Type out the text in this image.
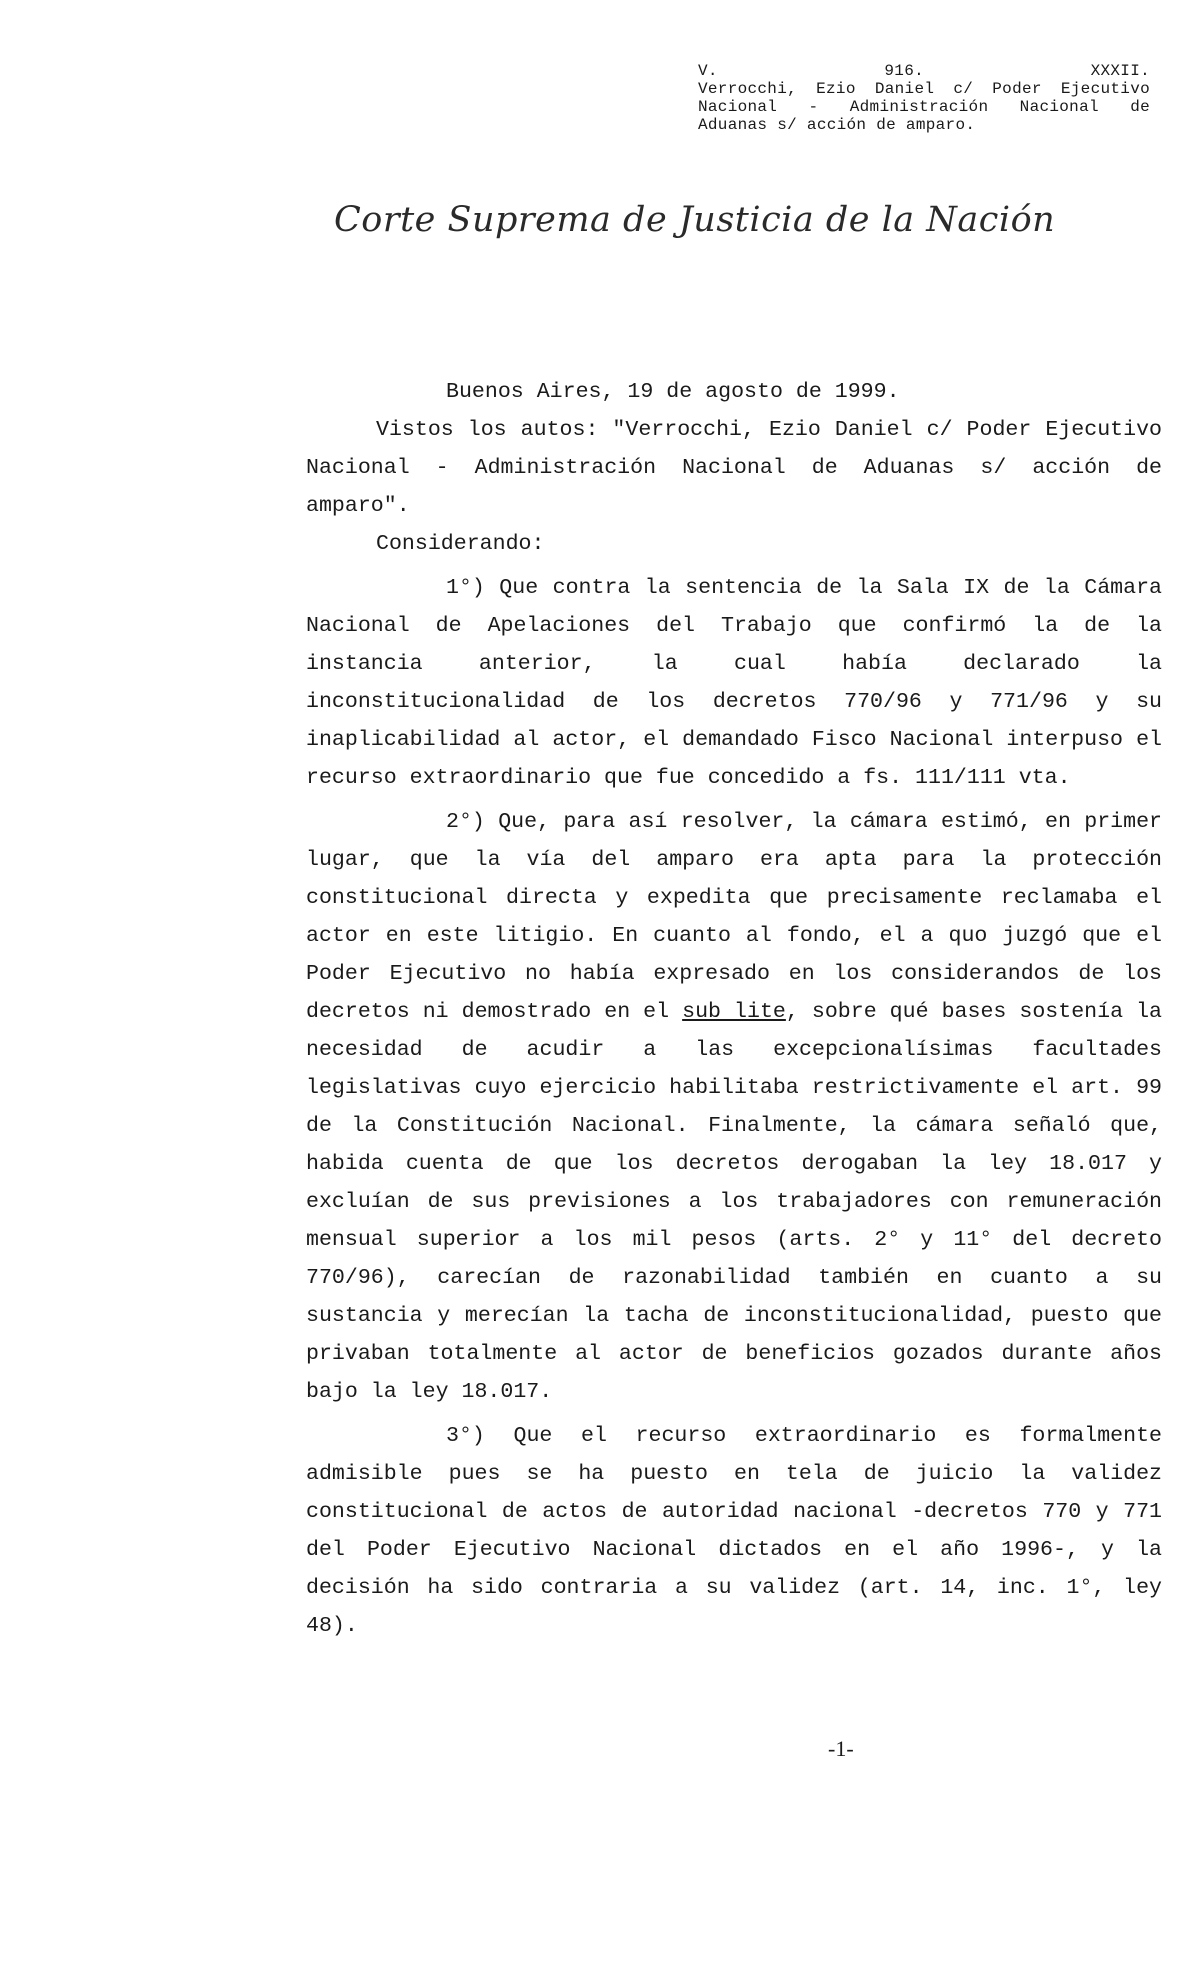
V. 916. XXXII.
Verrocchi, Ezio Daniel c/ Poder Ejecutivo
Nacional - Administración Nacional de
Aduanas s/ acción de amparo.
Corte Suprema de Justicia de la Nación

Buenos Aires, 19 de agosto de 1999.

Vistos los autos: "Verrocchi, Ezio Daniel c/ Poder Ejecutivo Nacional - Administración Nacional de Aduanas s/ acción de amparo".

Considerando:

1°) Que contra la sentencia de la Sala IX de la Cámara Nacional de Apelaciones del Trabajo que confirmó la de la instancia anterior, la cual había declarado la inconstitucionalidad de los decretos 770/96 y 771/96 y su inaplicabilidad al actor, el demandado Fisco Nacional interpuso el recurso extraordinario que fue concedido a fs. 111/111 vta.

2°) Que, para así resolver, la cámara estimó, en primer lugar, que la vía del amparo era apta para la protección constitucional directa y expedita que precisamente reclamaba el actor en este litigio. En cuanto al fondo, el a quo juzgó que el Poder Ejecutivo no había expresado en los considerandos de los decretos ni demostrado en el sub lite, sobre qué bases sostenía la necesidad de acudir a las excepcionalísimas facultades legislativas cuyo ejercicio habilitaba restrictivamente el art. 99 de la Constitución Nacional. Finalmente, la cámara señaló que, habida cuenta de que los decretos derogaban la ley 18.017 y excluían de sus previsiones a los trabajadores con remuneración mensual superior a los mil pesos (arts. 2° y 11° del decreto 770/96), carecían de razonabilidad también en cuanto a su sustancia y merecían la tacha de inconstitucionalidad, puesto que privaban totalmente al actor de beneficios gozados durante años bajo la ley 18.017.

3°) Que el recurso extraordinario es formalmente admisible pues se ha puesto en tela de juicio la validez constitucional de actos de autoridad nacional -decretos 770 y 771 del Poder Ejecutivo Nacional dictados en el año 1996-, y la decisión ha sido contraria a su validez (art. 14, inc. 1°, ley 48).

-1-
